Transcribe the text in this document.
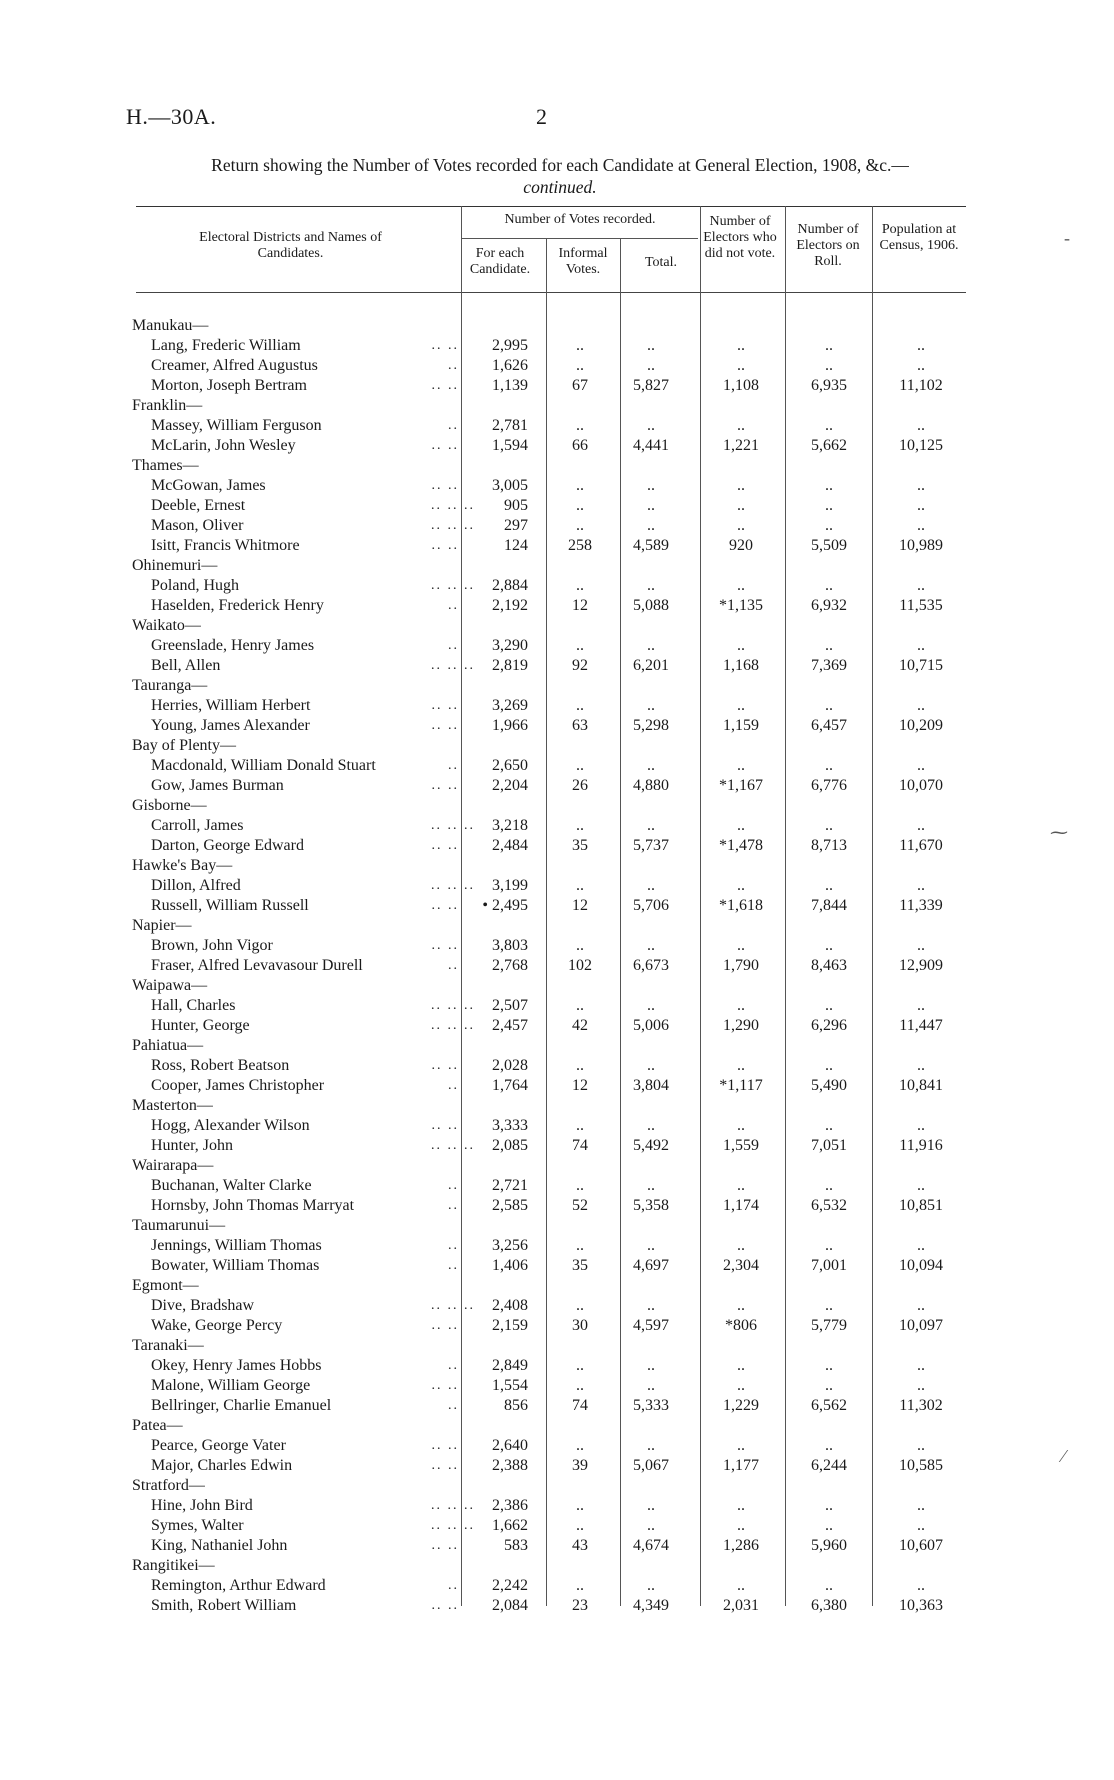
H.—30A.	2
Return showing the Number of Votes recorded for each Candidate at General Election, 1908, &c.—
continued.
Electoral Districts and Names of Candidates.
Number of Votes recorded.
For each Candidate.
Informal Votes.	Total.
Number of Electors who did not vote.
Number of Electors on Roll.
Population at Census, 1906.
Manukau—
Lang, Frederic William	.. ..	2,995	..	..	..	..	..
Creamer, Alfred Augustus	..	1,626	..	..	..	..	..
Morton, Joseph Bertram	.. ..	1,139	67	5,827	1,108	6,935	11,102
Franklin—
Massey, William Ferguson	..	2,781	..	..	..	..	..
McLarin, John Wesley	.. ..	1,594	66	4,441	1,221	5,662	10,125
Thames—
McGowan, James	.. ..	3,005	..	..	..	..	..
Deeble, Ernest	.. .. ..	905	..	..	..	..	..
Mason, Oliver	.. .. ..	297	..	..	..	..	..
Isitt, Francis Whitmore	.. ..	124	258	4,589	920	5,509	10,989
Ohinemuri—
Poland, Hugh	.. .. ..	2,884	..	..	..	..	..
Haselden, Frederick Henry	..	2,192	12	5,088	*1,135	6,932	11,535
Waikato—
Greenslade, Henry James	..	3,290	..	..	..	..	..
Bell, Allen	.. .. ..	2,819	92	6,201	1,168	7,369	10,715
Tauranga—
Herries, William Herbert	.. ..	3,269	..	..	..	..	..
Young, James Alexander	.. ..	1,966	63	5,298	1,159	6,457	10,209
Bay of Plenty—
Macdonald, William Donald Stuart	..	2,650	..	..	..	..	..
Gow, James Burman	.. ..	2,204	26	4,880	*1,167	6,776	10,070
Gisborne—
Carroll, James	.. .. ..	3,218	..	..	..	..	..
Darton, George Edward	.. ..	2,484	35	5,737	*1,478	8,713	11,670
Hawke's Bay—
Dillon, Alfred	.. .. ..	3,199	..	..	..	..	..
Russell, William Russell	.. ..	• 2,495	12	5,706	*1,618	7,844	11,339
Napier—
Brown, John Vigor	.. ..	3,803	..	..	..	..	..
Fraser, Alfred Levavasour Durell	..	2,768	102	6,673	1,790	8,463	12,909
Waipawa—
Hall, Charles	.. .. ..	2,507	..	..	..	..	..
Hunter, George	.. .. ..	2,457	42	5,006	1,290	6,296	11,447
Pahiatua—
Ross, Robert Beatson	.. ..	2,028	..	..	..	..	..
Cooper, James Christopher	..	1,764	12	3,804	*1,117	5,490	10,841
Masterton—
Hogg, Alexander Wilson	.. ..	3,333	..	..	..	..	..
Hunter, John	.. .. ..	2,085	74	5,492	1,559	7,051	11,916
Wairarapa—
Buchanan, Walter Clarke	..	2,721	..	..	..	..	..
Hornsby, John Thomas Marryat	..	2,585	52	5,358	1,174	6,532	10,851
Taumarunui—
Jennings, William Thomas	..	3,256	..	..	..	..	..
Bowater, William Thomas	..	1,406	35	4,697	2,304	7,001	10,094
Egmont—
Dive, Bradshaw	.. .. ..	2,408	..	..	..	..	..
Wake, George Percy	.. ..	2,159	30	4,597	*806	5,779	10,097
Taranaki—
Okey, Henry James Hobbs	..	2,849	..	..	..	..	..
Malone, William George	.. ..	1,554	..	..	..	..	..
Bellringer, Charlie Emanuel	..	856	74	5,333	1,229	6,562	11,302
Patea—
Pearce, George Vater	.. ..	2,640	..	..	..	..	..
Major, Charles Edwin	.. ..	2,388	39	5,067	1,177	6,244	10,585
Stratford—
Hine, John Bird	.. .. ..	2,386	..	..	..	..	..
Symes, Walter	.. .. ..	1,662	..	..	..	..	..
King, Nathaniel John	.. ..	583	43	4,674	1,286	5,960	10,607
Rangitikei—
Remington, Arthur Edward	..	2,242	..	..	..	..	..
Smith, Robert William	.. ..	2,084	23	4,349	2,031	6,380	10,363
‐
⁓
⁄
